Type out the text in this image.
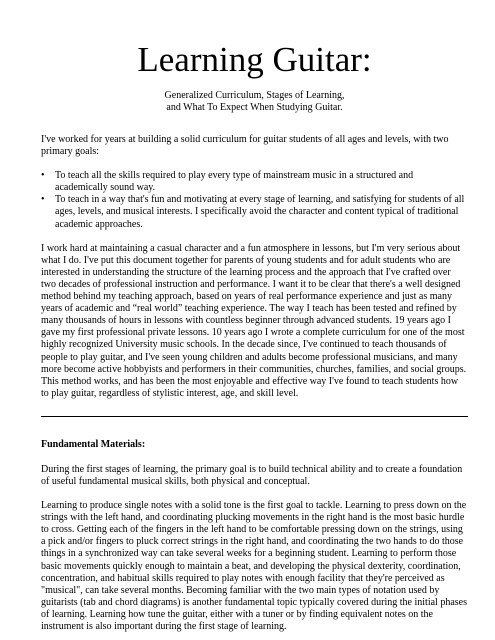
Learning Guitar:
Generalized Curriculum, Stages of Learning,
and What To Expect When Studying Guitar.

I've worked for years at building a solid curriculum for guitar students of all ages and levels, with two primary goals:

• To teach all the skills required to play every type of mainstream music in a structured and academically sound way.
• To teach in a way that's fun and motivating at every stage of learning, and satisfying for students of all ages, levels, and musical interests. I specifically avoid the character and content typical of traditional academic approaches.

I work hard at maintaining a casual character and a fun atmosphere in lessons, but I'm very serious about what I do. I've put this document together for parents of young students and for adult students who are interested in understanding the structure of the learning process and the approach that I've crafted over two decades of professional instruction and performance. I want it to be clear that there's a well designed method behind my teaching approach, based on years of real performance experience and just as many years of academic and “real world” teaching experience. The way I teach has been tested and refined by many thousands of hours in lessons with countless beginner through advanced students. 19 years ago I gave my first professional private lessons. 10 years ago I wrote a complete curriculum for one of the most highly recognized University music schools. In the decade since, I've continued to teach thousands of people to play guitar, and I've seen young children and adults become professional musicians, and many more become active hobbyists and performers in their communities, churches, families, and social groups. This method works, and has been the most enjoyable and effective way I've found to teach students how to play guitar, regardless of stylistic interest, age, and skill level.

Fundamental Materials:

During the first stages of learning, the primary goal is to build technical ability and to create a foundation of useful fundamental musical skills, both physical and conceptual.

Learning to produce single notes with a solid tone is the first goal to tackle. Learning to press down on the strings with the left hand, and coordinating plucking movements in the right hand is the most basic hurdle to cross. Getting each of the fingers in the left hand to be comfortable pressing down on the strings, using a pick and/or fingers to pluck correct strings in the right hand, and coordinating the two hands to do those things in a synchronized way can take several weeks for a beginning student. Learning to perform those basic movements quickly enough to maintain a beat, and developing the physical dexterity, coordination, concentration, and habitual skills required to play notes with enough facility that they're perceived as "musical", can take several months. Becoming familiar with the two main types of notation used by guitarists (tab and chord diagrams) is another fundamental topic typically covered during the initial phases of learning. Learning how tune the guitar, either with a tuner or by finding equivalent notes on the instrument is also important during the first stage of learning.
